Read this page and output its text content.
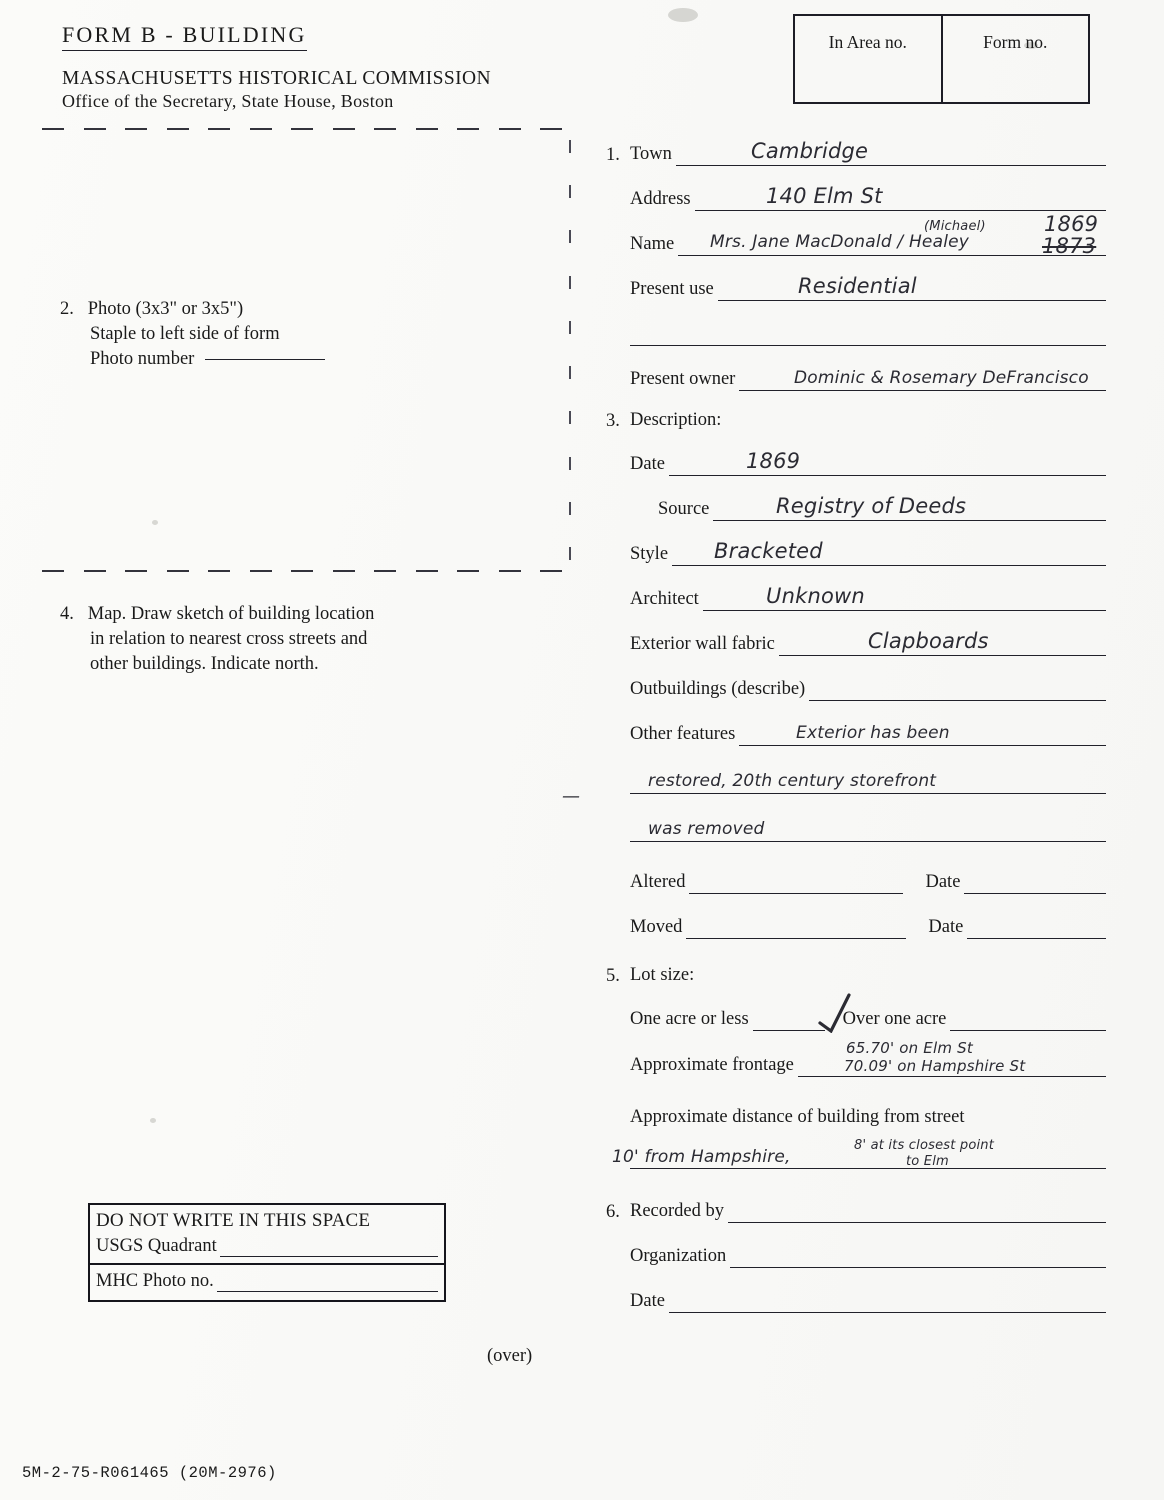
FORM B - BUILDING
MASSACHUSETTS HISTORICAL COMMISSION
Office of the Secretary, State House, Boston
In Area no.	Form no.
2. Photo (3x3" or 3x5")
Staple to left side of form
Photo number
4. Map. Draw sketch of building location
in relation to nearest cross streets and
other buildings. Indicate north.
DO NOT WRITE IN THIS SPACE
USGS Quadrant
MHC Photo no.
(over)
5M-2-75-R061465 (20M-2976)
1. Town	Cambridge
Address	140 Elm St
Name Mrs. Jane MacDonald / Healey
(Michael)	1869
1873
Present use	Residential
Present owner	Dominic & Rosemary DeFrancisco
3. Description:
Date	1869
Source	Registry of Deeds
Style Bracketed
Architect	Unknown
Exterior wall fabric	Clapboards
Outbuildings (describe)
Other features	Exterior has been
restored, 20th century storefront
was removed
Altered	Date
Moved	Date
5. Lot size:
One acre or less	Over one acre
Approximate frontage
65.70' on Elm St
70.09' on Hampshire St
Approximate distance of building from street
10' from Hampshire,
8' at its closest point
to Elm
6. Recorded by
Organization
Date
—
